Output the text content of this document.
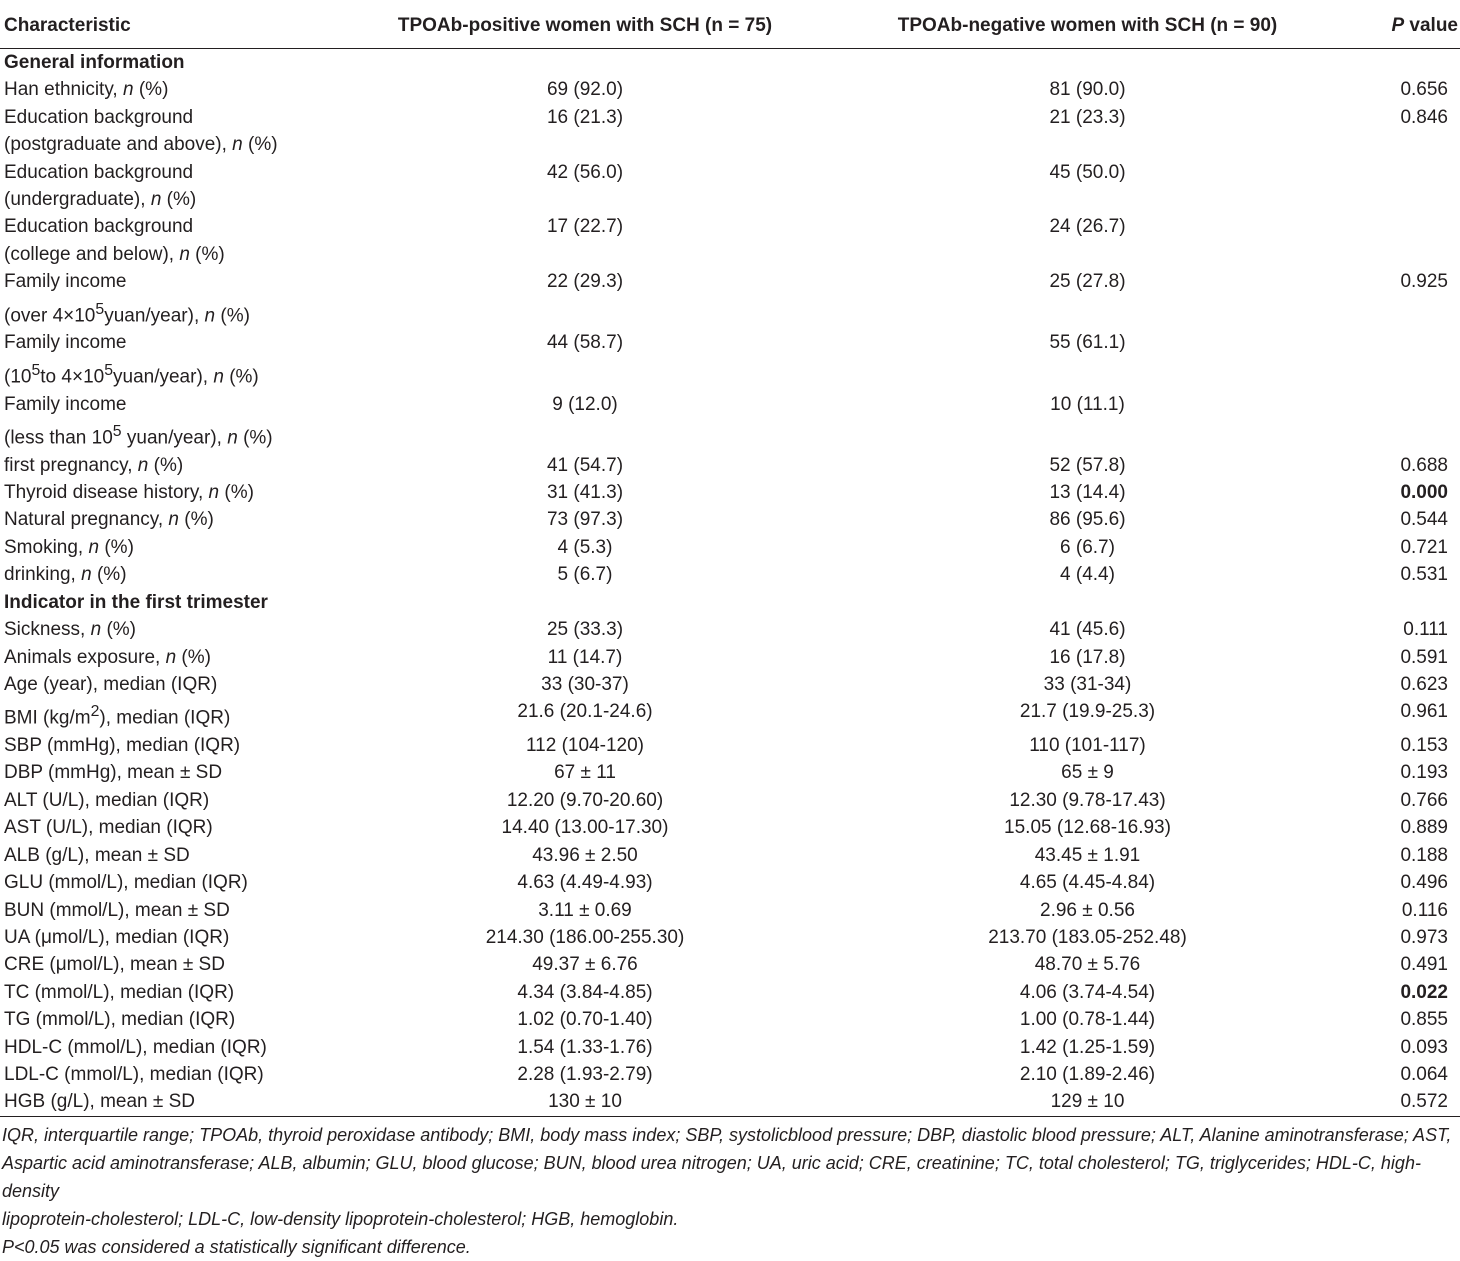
Characteristic	TPOAb-positive women with SCH (n = 75)	TPOAb-negative women with SCH (n = 90)	P value
General information			

Han ethnicity, n (%)	69 (92.0)	81 (90.0)	0.656

Education background
(postgraduate and above), n (%)	16 (21.3)	21 (23.3)	0.846

Education background
(undergraduate), n (%)	42 (56.0)	45 (50.0)	

Education background
(college and below), n (%)	17 (22.7)	24 (26.7)	

Family income
(over $4\times 10^5yuan/year$), n (%)	22 (29.3)	25 (27.8)	0.925

Family income
($10^5to$ $4\times 10^5yuan/year$), n (%)	44 (58.7)	55 (61.1)	

Family income
(less than $10^5$ yuan/year), n (%)	9 (12.0)	10 (11.1)	

first pregnancy, n (%)	41 (54.7)	52 (57.8)	0.688

Thyroid disease history, n (%)	31 (41.3)	13 (14.4)	0.000

Natural pregnancy, n (%)	73 (97.3)	86 (95.6)	0.544

Smoking, n (%)	4 (5.3)	6 (6.7)	0.721

drinking, n (%)	5 (6.7)	4 (4.4)	0.531
Indicator in the first trimester			

Sickness, n (%)	25 (33.3)	41 (45.6)	0.111

Animals exposure, n (%)	11 (14.7)	16 (17.8)	0.591

Age (year), median (IQR)	33 (30-37)	33 (31-34)	0.623

BMI $(kg/m^2)$, median (IQR)	21.6 (20.1-24.6)	21.7 (19.9-25.3)	0.961

SBP (mmHg), median (IQR)	112 (104-120)	110 (101-117)	0.153

DBP (mmHg), mean ± SD	67 ± 11	65 ± 9	0.193

ALT (U/L), median (IQR)	12.20 (9.70-20.60)	12.30 (9.78-17.43)	0.766

AST (U/L), median (IQR)	14.40 (13.00-17.30)	15.05 (12.68-16.93)	0.889

ALB (g/L), mean ± SD	43.96 ± 2.50	43.45 ± 1.91	0.188

GLU (mmol/L), median (IQR)	4.63 (4.49-4.93)	4.65 (4.45-4.84)	0.496

BUN (mmol/L), mean ± SD	3.11 ± 0.69	2.96 ± 0.56	0.116

UA (μmol/L), median (IQR)	214.30 (186.00-255.30)	213.70 (183.05-252.48)	0.973

CRE (μmol/L), mean ± SD	49.37 ± 6.76	48.70 ± 5.76	0.491

TC (mmol/L), median (IQR)	4.34 (3.84-4.85)	4.06 (3.74-4.54)	0.022

TG (mmol/L), median (IQR)	1.02 (0.70-1.40)	1.00 (0.78-1.44)	0.855

HDL-C (mmol/L), median (IQR)	1.54 (1.33-1.76)	1.42 (1.25-1.59)	0.093

LDL-C (mmol/L), median (IQR)	2.28 (1.93-2.79)	2.10 (1.89-2.46)	0.064

HGB (g/L), mean ± SD	130 ± 10	129 ± 10	0.572

IQR, interquartile range; TPOAb, thyroid peroxidase antibody; BMI, body mass index; SBP, systolicblood pressure; DBP, diastolic blood pressure; ALT, Alanine aminotransferase; AST,

Aspartic acid aminotransferase; ALB, albumin; GLU, blood glucose; BUN, blood urea nitrogen; UA, uric acid; CRE, creatinine; TC, total cholesterol; TG, triglycerides; HDL-C, high-density

lipoprotein-cholesterol; LDL-C, low-density lipoprotein-cholesterol; HGB, hemoglobin.

P<0.05 was considered a statistically significant difference.
